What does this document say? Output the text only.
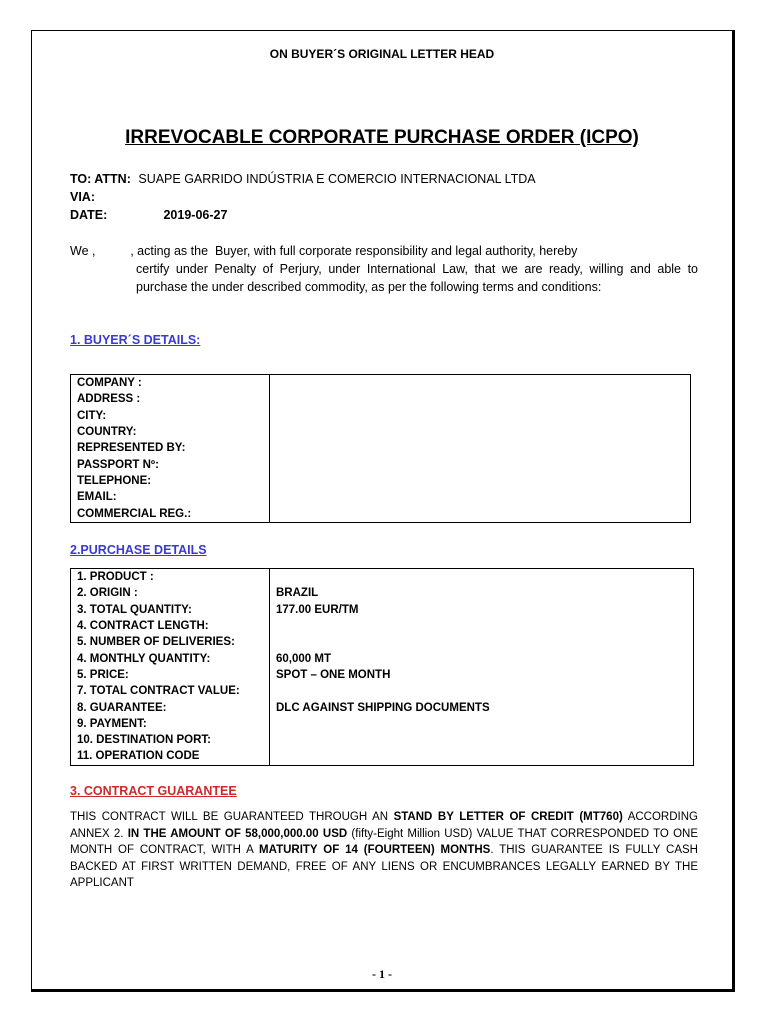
ON BUYER´S ORIGINAL LETTER HEAD
IRREVOCABLE CORPORATE PURCHASE ORDER (ICPO)
TO: ATTN: SUAPE GARRIDO INDÚSTRIA E COMERCIO INTERNACIONAL LTDA
VIA:
DATE:	2019-06-27
We ,          , acting as the  Buyer, with full corporate responsibility and legal authority, hereby
certify under Penalty of Perjury, under International Law, that we are ready, willing and able to purchase the under described commodity, as per the following terms and conditions:
1. BUYER´S DETAILS:
COMPANY :	
ADDRESS :	
CITY:	
COUNTRY:	
REPRESENTED BY:	
PASSPORT Nº:	
TELEPHONE:	
EMAIL:	
COMMERCIAL REG.:	
2.PURCHASE DETAILS
1. PRODUCT :	
2. ORIGIN :	BRAZIL
3. TOTAL QUANTITY:	177.00 EUR/TM
4. CONTRACT LENGTH:	
5. NUMBER OF DELIVERIES:	
4. MONTHLY QUANTITY:	60,000 MT
5. PRICE:	SPOT – ONE MONTH
7. TOTAL CONTRACT VALUE:	
8. GUARANTEE:	DLC AGAINST SHIPPING DOCUMENTS
9. PAYMENT:	
10. DESTINATION PORT:	
11. OPERATION CODE	
3. CONTRACT GUARANTEE
THIS CONTRACT WILL BE GUARANTEED THROUGH AN STAND BY LETTER OF CREDIT (MT760) ACCORDING ANNEX 2. IN THE AMOUNT OF 58,000,000.00 USD (fifty-Eight Million USD) VALUE THAT CORRESPONDED TO ONE MONTH OF CONTRACT, WITH A MATURITY OF 14 (FOURTEEN) MONTHS. THIS GUARANTEE IS FULLY CASH BACKED AT FIRST WRITTEN DEMAND, FREE OF ANY LIENS OR ENCUMBRANCES LEGALLY EARNED BY THE APPLICANT
- 1 -
